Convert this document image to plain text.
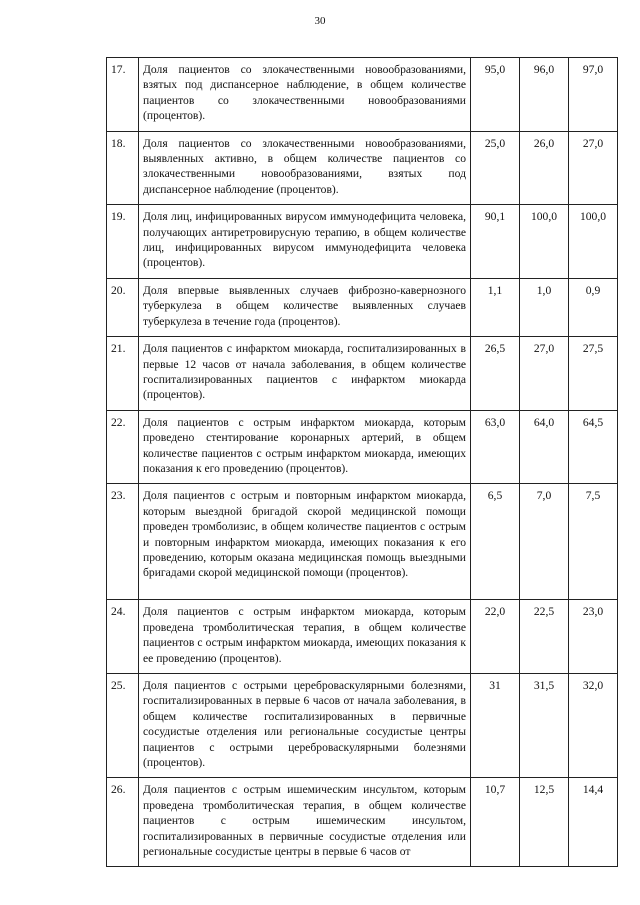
30
17.	Доля пациентов со злокачественными новообразованиями, взятых под диспансерное наблюдение, в общем количестве пациентов со злокачественными новообразованиями (процентов).	95,0	96,0	97,0
18.	Доля пациентов со злокачественными новообразованиями, выявленных активно, в общем количестве пациентов со злокачественными новообразованиями, взятых под диспансерное наблюдение (процентов).	25,0	26,0	27,0
19.	Доля лиц, инфицированных вирусом иммунодефицита человека, получающих антиретровирусную терапию, в общем количестве лиц, инфицированных вирусом иммунодефицита человека (процентов).	90,1	100,0	100,0
20.	Доля впервые выявленных случаев фиброзно-кавернозного туберкулеза в общем количестве выявленных случаев туберкулеза в течение года (процентов).	1,1	1,0	0,9
21.	Доля пациентов с инфарктом миокарда, госпитализированных в первые 12 часов от начала заболевания, в общем количестве госпитализированных пациентов с инфарктом миокарда (процентов).	26,5	27,0	27,5
22.	Доля пациентов с острым инфарктом миокарда, которым проведено стентирование коронарных артерий, в общем количестве пациентов с острым инфарктом миокарда, имеющих показания к его проведению (процентов).	63,0	64,0	64,5
23.	Доля пациентов с острым и повторным инфарктом миокарда, которым выездной бригадой скорой медицинской помощи проведен тромболизис, в общем количестве пациентов с острым и повторным инфарктом миокарда, имеющих показания к его проведению, которым оказана медицинская помощь выездными бригадами скорой медицинской помощи (процентов).	6,5	7,0	7,5
24.	Доля пациентов с острым инфарктом миокарда, которым проведена тромболитическая терапия, в общем количестве пациентов с острым инфарктом миокарда, имеющих показания к ее проведению (процентов).	22,0	22,5	23,0
25.	Доля пациентов с острыми цереброваскулярными болезнями, госпитализированных в первые 6 часов от начала заболевания, в общем количестве госпитализированных в первичные сосудистые отделения или региональные сосудистые центры пациентов с острыми цереброваскулярными болезнями (процентов).	31	31,5	32,0
26.	Доля пациентов с острым ишемическим инсультом, которым проведена тромболитическая терапия, в общем количестве пациентов с острым ишемическим инсультом, госпитализированных в первичные сосудистые отделения или региональные сосудистые центры в первые 6 часов от	10,7	12,5	14,4
